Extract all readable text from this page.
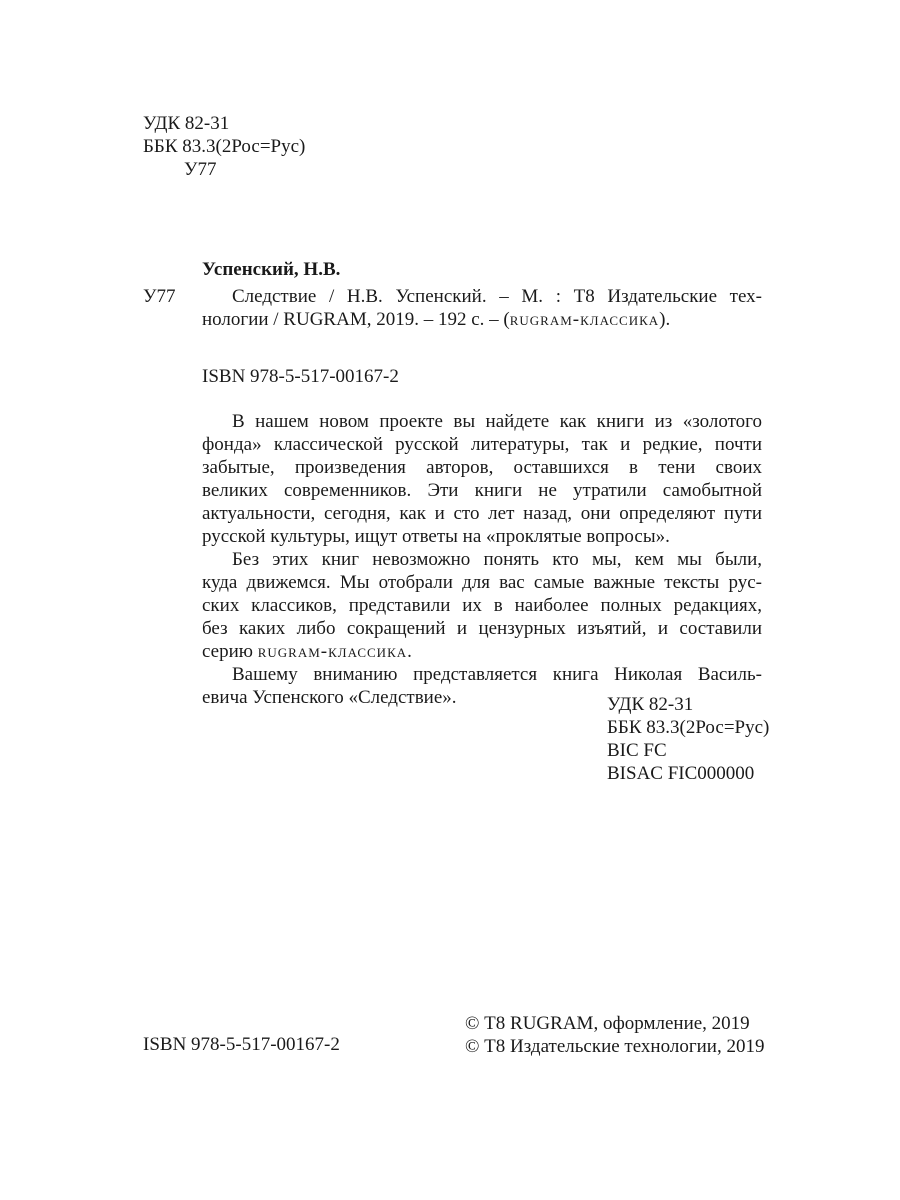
УДК 82-31
ББК 83.3(2Рос=Рус)
У77
Успенский, Н.В.
Следствие / Н.В. Успенский. – М. : Т8 Издательские тех-
нологии / RUGRAM, 2019. – 192 с. – (rugram-классика).
У77
ISBN 978-5-517-00167-2
В нашем новом проекте вы найдете как книги из «золотого
фонда» классической русской литературы, так и редкие, почти
забытые, произведения авторов, оставшихся в тени своих
великих современников. Эти книги не утратили самобытной
актуальности, сегодня, как и сто лет назад, они определяют пути
русской культуры, ищут ответы на «проклятые вопросы».
Без этих книг невозможно понять кто мы, кем мы были,
куда движемся. Мы отобрали для вас самые важные тексты рус-
ских классиков, представили их в наиболее полных редакциях,
без каких либо сокращений и цензурных изъятий, и составили
серию rugram-классика.
Вашему вниманию представляется книга Николая Василь-
евича Успенского «Следствие».	УДК 82-31
ББК 83.3(2Рос=Рус)
BIC FC
BISAC FIC000000
ISBN 978-5-517-00167-2
© Т8 RUGRAM, оформление, 2019
© Т8 Издательские технологии, 2019
